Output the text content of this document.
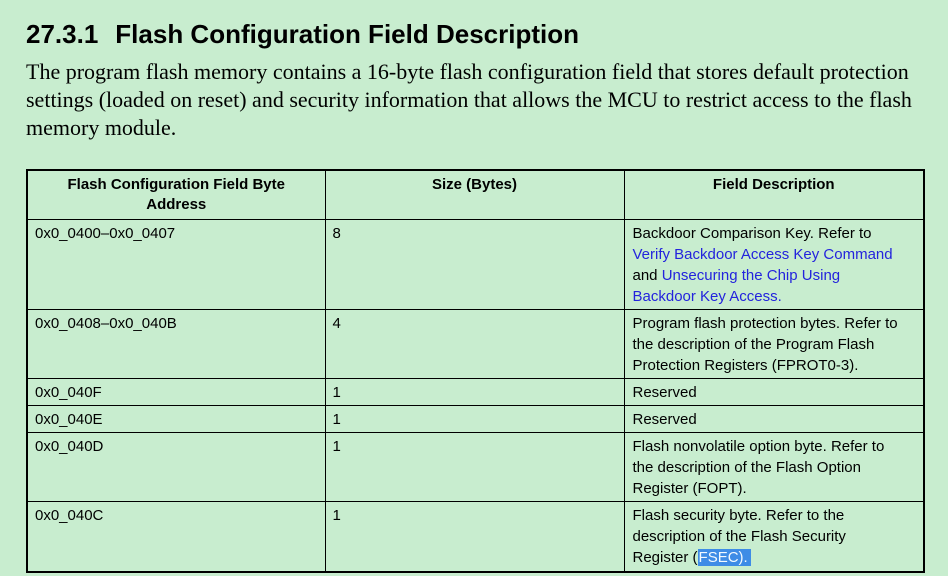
27.3.1 Flash Configuration Field Description

The program flash memory contains a 16-byte flash configuration field that stores default protection settings (loaded on reset) and security information that allows the MCU to restrict access to the flash memory module.

Flash Configuration Field Byte Address	Size (Bytes)	Field Description
0x0_0400–0x0_0407	8	Backdoor Comparison Key. Refer to Verify Backdoor Access Key Command and Unsecuring the Chip Using Backdoor Key Access.
0x0_0408–0x0_040B	4	Program flash protection bytes. Refer to the description of the Program Flash Protection Registers (FPROT0-3).
0x0_040F	1	Reserved
0x0_040E	1	Reserved
0x0_040D	1	Flash nonvolatile option byte. Refer to the description of the Flash Option Register (FOPT).
0x0_040C	1	Flash security byte. Refer to the description of the Flash Security Register (FSEC).
